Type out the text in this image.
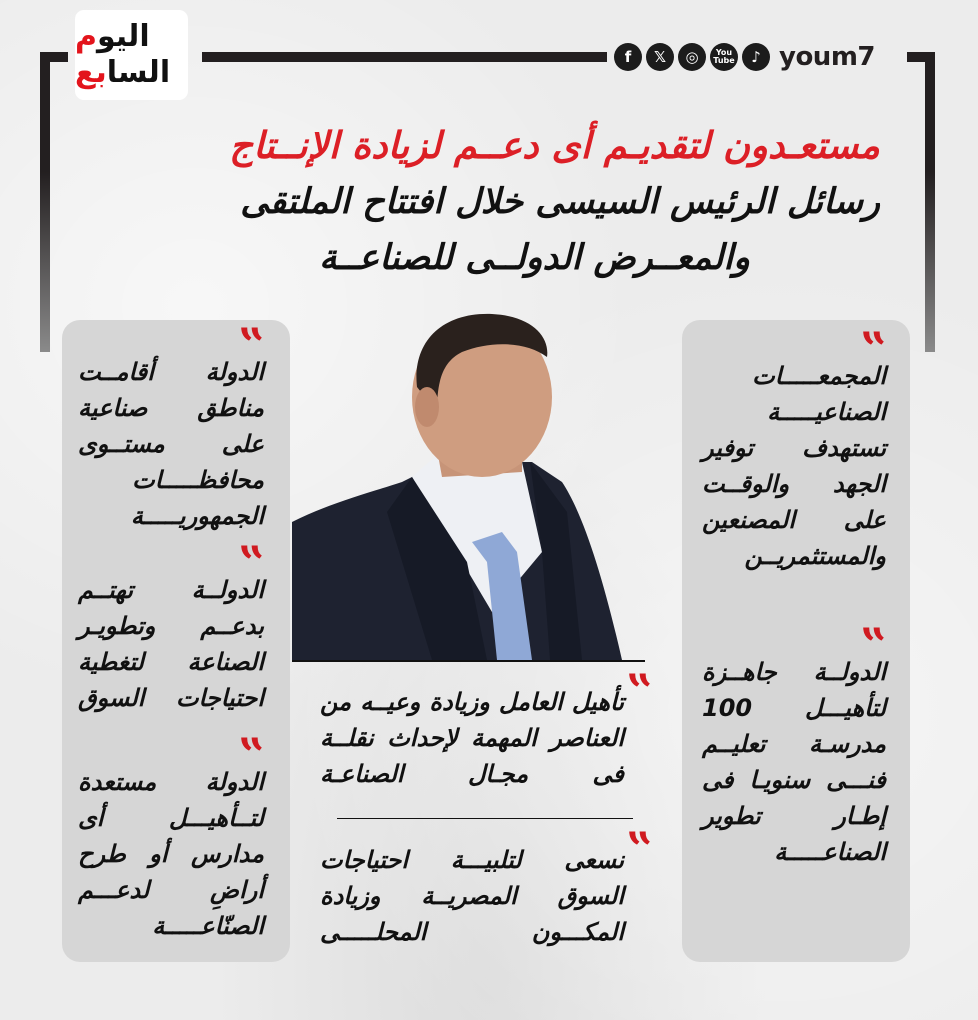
اليوم
السابع	f	𝕏	◎	You
Tube	♪ youm7
مستعـدون لتقديـم أى دعــم لزيادة الإنــتاج
رسائل الرئيس السيسى خلال افتتاح الملتقى
والمعــرض الدولــى للصناعــة
”
الدولة أقامــت مناطق صناعية على مستــوى محافظـــــات الجمهوريـــــة
”
الدولــة تهتــم بدعــم وتطويـر الصناعة لتغطية احتياجات السوق
”
الدولة مستعدة لتــأهيـــل أى مدارس أو طرح أراضِ لدعـــم الصنّاعـــــة
”
المجمعـــــات الصناعيـــــة تستهدف توفير الجهد والوقــت على المصنعين والمستثمريــن
”
الدولــة جاهــزة لتأهيـــل 100 مدرسـة تعليــم فنـــى سنويـا فى إطـار تطوير الصناعـــــة
”
تأهيل العامل وزيادة وعيــه من العناصر المهمة لإحداث نقلــة فى مجـال الصناعـة
”
نسعى لتلبيـــة احتياجات السوق المصريــة وزيادة المكـــون المحلـــــى
